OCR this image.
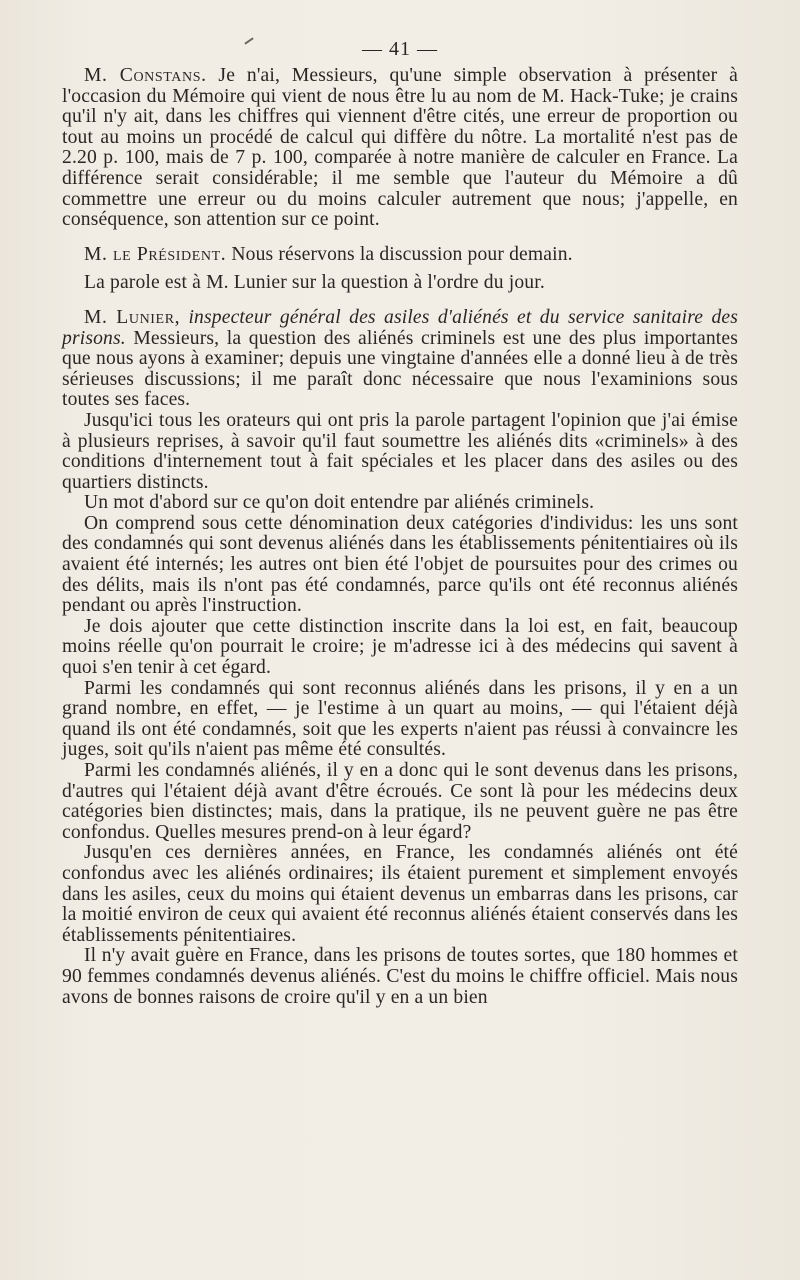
— 41 —

M. Constans. Je n'ai, Messieurs, qu'une simple observation à présenter à l'occasion du Mémoire qui vient de nous être lu au nom de M. Hack-Tuke; je crains qu'il n'y ait, dans les chiffres qui viennent d'être cités, une erreur de proportion ou tout au moins un procédé de calcul qui diffère du nôtre. La mortalité n'est pas de 2.20 p. 100, mais de 7 p. 100, comparée à notre manière de calculer en France. La différence serait considérable; il me semble que l'auteur du Mémoire a dû commettre une erreur ou du moins calculer autrement que nous; j'appelle, en conséquence, son attention sur ce point.

M. le Président. Nous réservons la discussion pour demain.

La parole est à M. Lunier sur la question à l'ordre du jour.

M. Lunier, inspecteur général des asiles d'aliénés et du service sanitaire des prisons. Messieurs, la question des aliénés criminels est une des plus importantes que nous ayons à examiner; depuis une vingtaine d'années elle a donné lieu à de très sérieuses discussions; il me paraît donc nécessaire que nous l'examinions sous toutes ses faces.

Jusqu'ici tous les orateurs qui ont pris la parole partagent l'opinion que j'ai émise à plusieurs reprises, à savoir qu'il faut soumettre les aliénés dits «criminels» à des conditions d'internement tout à fait spéciales et les placer dans des asiles ou des quartiers distincts.

Un mot d'abord sur ce qu'on doit entendre par aliénés criminels.

On comprend sous cette dénomination deux catégories d'individus: les uns sont des condamnés qui sont devenus aliénés dans les établissements pénitentiaires où ils avaient été internés; les autres ont bien été l'objet de poursuites pour des crimes ou des délits, mais ils n'ont pas été condamnés, parce qu'ils ont été reconnus aliénés pendant ou après l'instruction.

Je dois ajouter que cette distinction inscrite dans la loi est, en fait, beaucoup moins réelle qu'on pourrait le croire; je m'adresse ici à des médecins qui savent à quoi s'en tenir à cet égard.

Parmi les condamnés qui sont reconnus aliénés dans les prisons, il y en a un grand nombre, en effet, — je l'estime à un quart au moins, — qui l'étaient déjà quand ils ont été condamnés, soit que les experts n'aient pas réussi à convaincre les juges, soit qu'ils n'aient pas même été consultés.

Parmi les condamnés aliénés, il y en a donc qui le sont devenus dans les prisons, d'autres qui l'étaient déjà avant d'être écroués. Ce sont là pour les médecins deux catégories bien distinctes; mais, dans la pratique, ils ne peuvent guère ne pas être confondus. Quelles mesures prend-on à leur égard?

Jusqu'en ces dernières années, en France, les condamnés aliénés ont été confondus avec les aliénés ordinaires; ils étaient purement et simplement envoyés dans les asiles, ceux du moins qui étaient devenus un embarras dans les prisons, car la moitié environ de ceux qui avaient été reconnus aliénés étaient conservés dans les établissements pénitentiaires.

Il n'y avait guère en France, dans les prisons de toutes sortes, que 180 hommes et 90 femmes condamnés devenus aliénés. C'est du moins le chiffre officiel. Mais nous avons de bonnes raisons de croire qu'il y en a un bien
